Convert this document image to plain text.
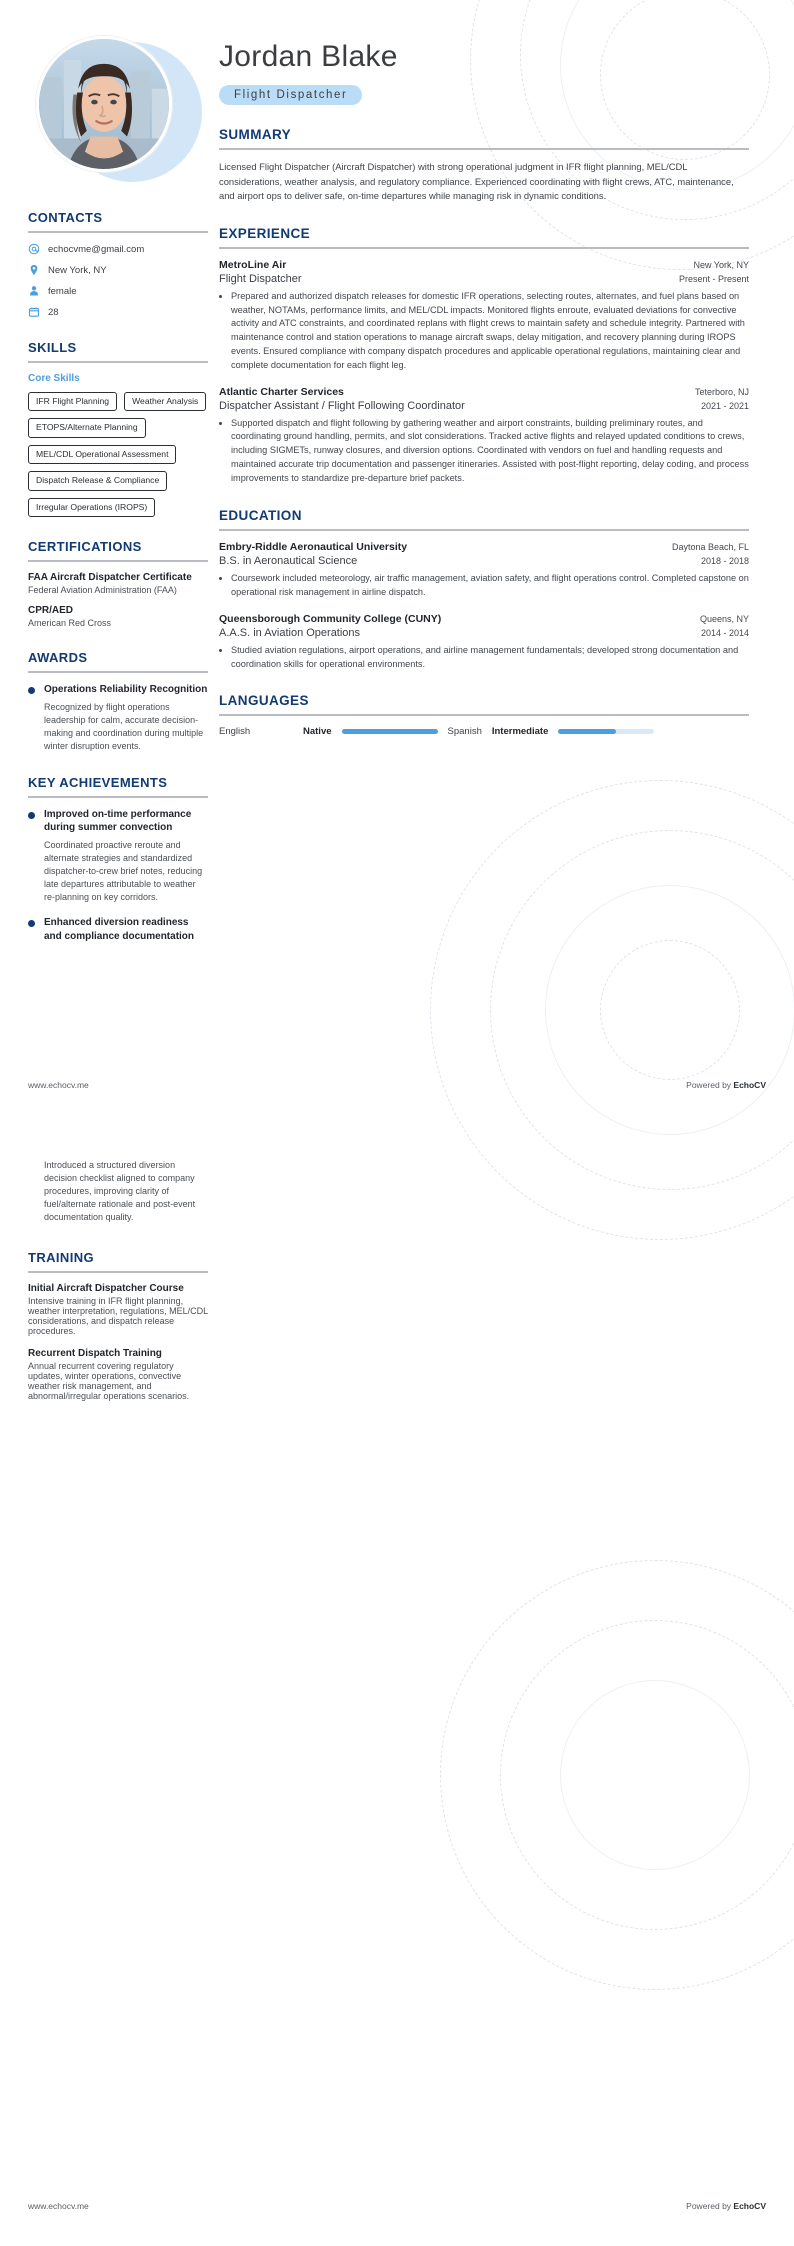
CONTACTS
echocvme@gmail.com
New York, NY
female
28
SKILLS
Core Skills
IFR Flight Planning	Weather Analysis
ETOPS/Alternate Planning
MEL/CDL Operational Assessment
Dispatch Release & Compliance
Irregular Operations (IROPS)
CERTIFICATIONS
FAA Aircraft Dispatcher Certificate
Federal Aviation Administration (FAA)
CPR/AED
American Red Cross
AWARDS
Operations Reliability Recognition
Recognized by flight operations leadership for calm, accurate decision-making and coordination during multiple winter disruption events.
KEY ACHIEVEMENTS
Improved on-time performance during summer convection
Coordinated proactive reroute and alternate strategies and standardized dispatcher-to-crew brief notes, reducing late departures attributable to weather re-planning on key corridors.
Enhanced diversion readiness and compliance documentation
Jordan Blake
Flight Dispatcher
SUMMARY
Licensed Flight Dispatcher (Aircraft Dispatcher) with strong operational judgment in IFR flight planning, MEL/CDL considerations, weather analysis, and regulatory compliance. Experienced coordinating with flight crews, ATC, maintenance, and airport ops to deliver safe, on-time departures while managing risk in dynamic conditions.
EXPERIENCE
MetroLine Air	New York, NY
Flight Dispatcher	Present - Present
• Prepared and authorized dispatch releases for domestic IFR operations, selecting routes, alternates, and fuel plans based on weather, NOTAMs, performance limits, and MEL/CDL impacts. Monitored flights enroute, evaluated deviations for convective activity and ATC constraints, and coordinated replans with flight crews to maintain safety and schedule integrity. Partnered with maintenance control and station operations to manage aircraft swaps, delay mitigation, and recovery planning during IROPS events. Ensured compliance with company dispatch procedures and applicable operational regulations, maintaining clear and complete documentation for each flight leg.
Atlantic Charter Services	Teterboro, NJ
Dispatcher Assistant / Flight Following Coordinator	2021 - 2021
• Supported dispatch and flight following by gathering weather and airport constraints, building preliminary routes, and coordinating ground handling, permits, and slot considerations. Tracked active flights and relayed updated conditions to crews, including SIGMETs, runway closures, and diversion options. Coordinated with vendors on fuel and handling requests and maintained accurate trip documentation and passenger itineraries. Assisted with post-flight reporting, delay coding, and process improvements to standardize pre-departure brief packets.
EDUCATION
Embry-Riddle Aeronautical University	Daytona Beach, FL
B.S. in Aeronautical Science	2018 - 2018
• Coursework included meteorology, air traffic management, aviation safety, and flight operations control. Completed capstone on operational risk management in airline dispatch.
Queensborough Community College (CUNY)	Queens, NY
A.A.S. in Aviation Operations	2014 - 2014
• Studied aviation regulations, airport operations, and airline management fundamentals; developed strong documentation and coordination skills for operational environments.
LANGUAGES
English	Native	Spanish Intermediate
www.echocv.me	Powered by EchoCV
Introduced a structured diversion decision checklist aligned to company procedures, improving clarity of fuel/alternate rationale and post-event documentation quality.
TRAINING
Initial Aircraft Dispatcher Course
Intensive training in IFR flight planning, weather interpretation, regulations, MEL/CDL considerations, and dispatch release procedures.
Recurrent Dispatch Training
Annual recurrent covering regulatory updates, winter operations, convective weather risk management, and abnormal/irregular operations scenarios.
www.echocv.me	Powered by EchoCV
